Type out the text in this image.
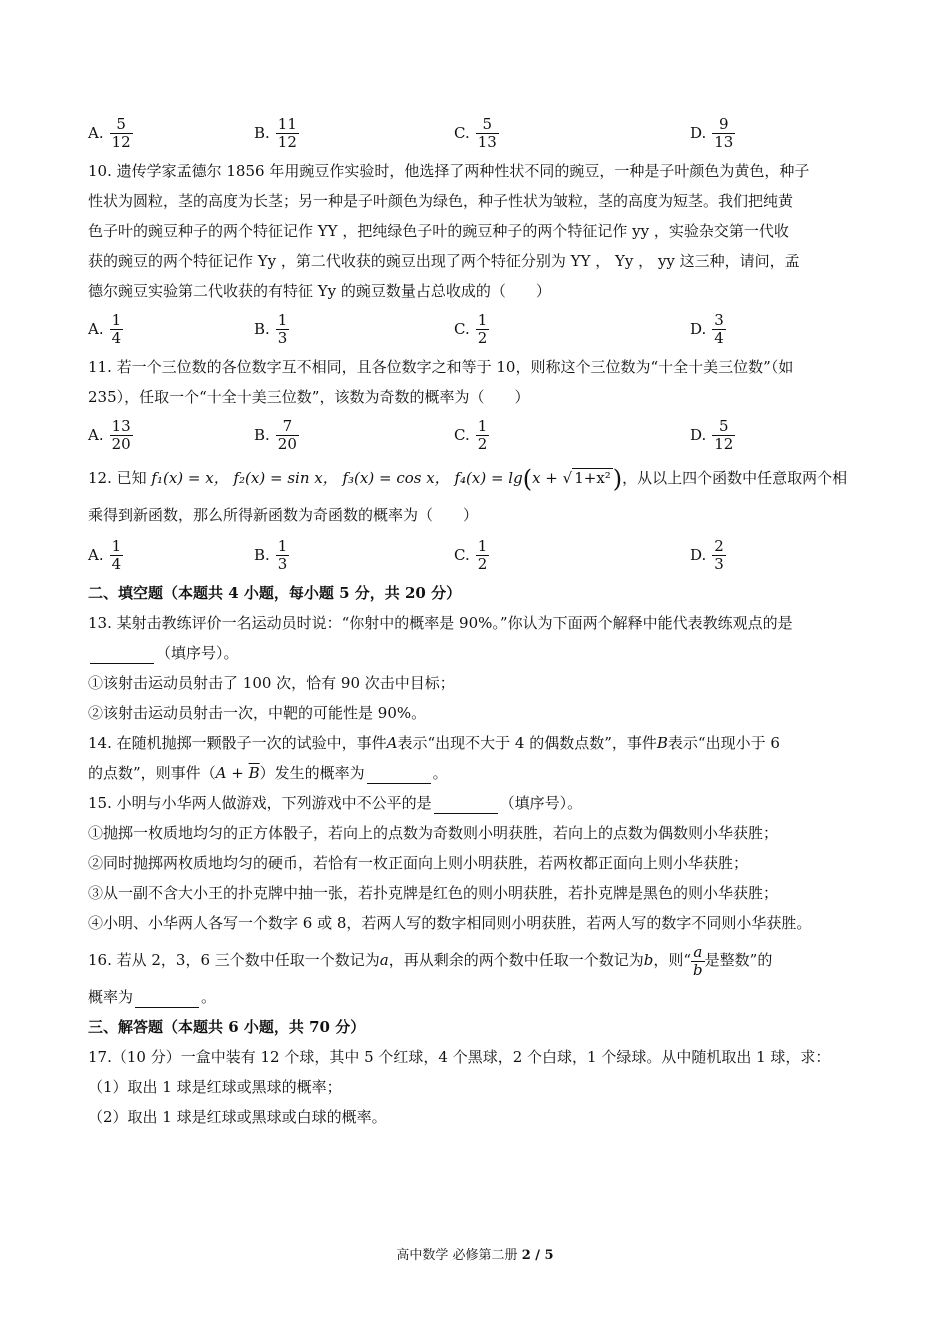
A. $\frac{5}{12}$	B. $\frac{11}{12}$	C. $\frac{5}{13}$	D. $\frac{9}{13}$
10. 遗传学家孟德尔 1856 年用豌豆作实验时，他选择了两种性状不同的豌豆，一种是子叶颜色为黄色，种子
性状为圆粒，茎的高度为长茎；另一种是子叶颜色为绿色，种子性状为皱粒，茎的高度为短茎。我们把纯黄
色子叶的豌豆种子的两个特征记作 YY ，把纯绿色子叶的豌豆种子的两个特征记作 yy ，实验杂交第一代收
获的豌豆的两个特征记作 Yy ，第二代收获的豌豆出现了两个特征分别为 YY ， Yy ， yy 这三种，请问，孟
德尔豌豆实验第二代收获的有特征 Yy 的豌豆数量占总收成的（　　）
A. $\frac{1}{4}$	B. $\frac{1}{3}$	C. $\frac{1}{2}$	D. $\frac{3}{4}$
11. 若一个三位数的各位数字互不相同，且各位数字之和等于 10，则称这个三位数为“十全十美三位数”（如
235），任取一个“十全十美三位数”，该数为奇数的概率为（　　）
A. $\frac{13}{20}$	B. $\frac{7}{20}$	C. $\frac{1}{2}$	D. $\frac{5}{12}$
12. 已知 f₁(x) = x， f₂(x) = sin x， f₃(x) = cos x， f₄(x) = lg(x + √ 1+x²)，从以上四个函数中任意取两个相
乘得到新函数，那么所得新函数为奇函数的概率为（　　）
A. $\frac{1}{4}$	B. $\frac{1}{3}$	C. $\frac{1}{2}$	D. $\frac{2}{3}$
二、填空题（本题共 4 小题，每小题 5 分，共 20 分）
13. 某射击教练评价一名运动员时说：“你射中的概率是 90%。”你认为下面两个解释中能代表教练观点的是
（填序号）。
①该射击运动员射击了 100 次，恰有 90 次击中目标；
②该射击运动员射击一次，中靶的可能性是 90%。
14. 在随机抛掷一颗骰子一次的试验中，事件A表示“出现不大于 4 的偶数点数”，事件B表示“出现小于 6
的点数”，则事件$(A + \overline{B})$发生的概率为	。
15. 小明与小华两人做游戏，下列游戏中不公平的是	（填序号）。
①抛掷一枚质地均匀的正方体骰子，若向上的点数为奇数则小明获胜，若向上的点数为偶数则小华获胜；
②同时抛掷两枚质地均匀的硬币，若恰有一枚正面向上则小明获胜，若两枚都正面向上则小华获胜；
③从一副不含大小王的扑克牌中抽一张，若扑克牌是红色的则小明获胜，若扑克牌是黑色的则小华获胜；
④小明、小华两人各写一个数字 6 或 8，若两人写的数字相同则小明获胜，若两人写的数字不同则小华获胜。
16. 若从 2，3，6 三个数中任取一个数记为a，再从剩余的两个数中任取一个数记为b，则“ $\frac{a}{b}$ 是整数”的
概率为	。
三、解答题（本题共 6 小题，共 70 分）
17.（10 分）一盒中装有 12 个球，其中 5 个红球，4 个黑球，2 个白球，1 个绿球。从中随机取出 1 球，求：
（1）取出 1 球是红球或黑球的概率；
（2）取出 1 球是红球或黑球或白球的概率。
高中数学 必修第二册 2 / 5
